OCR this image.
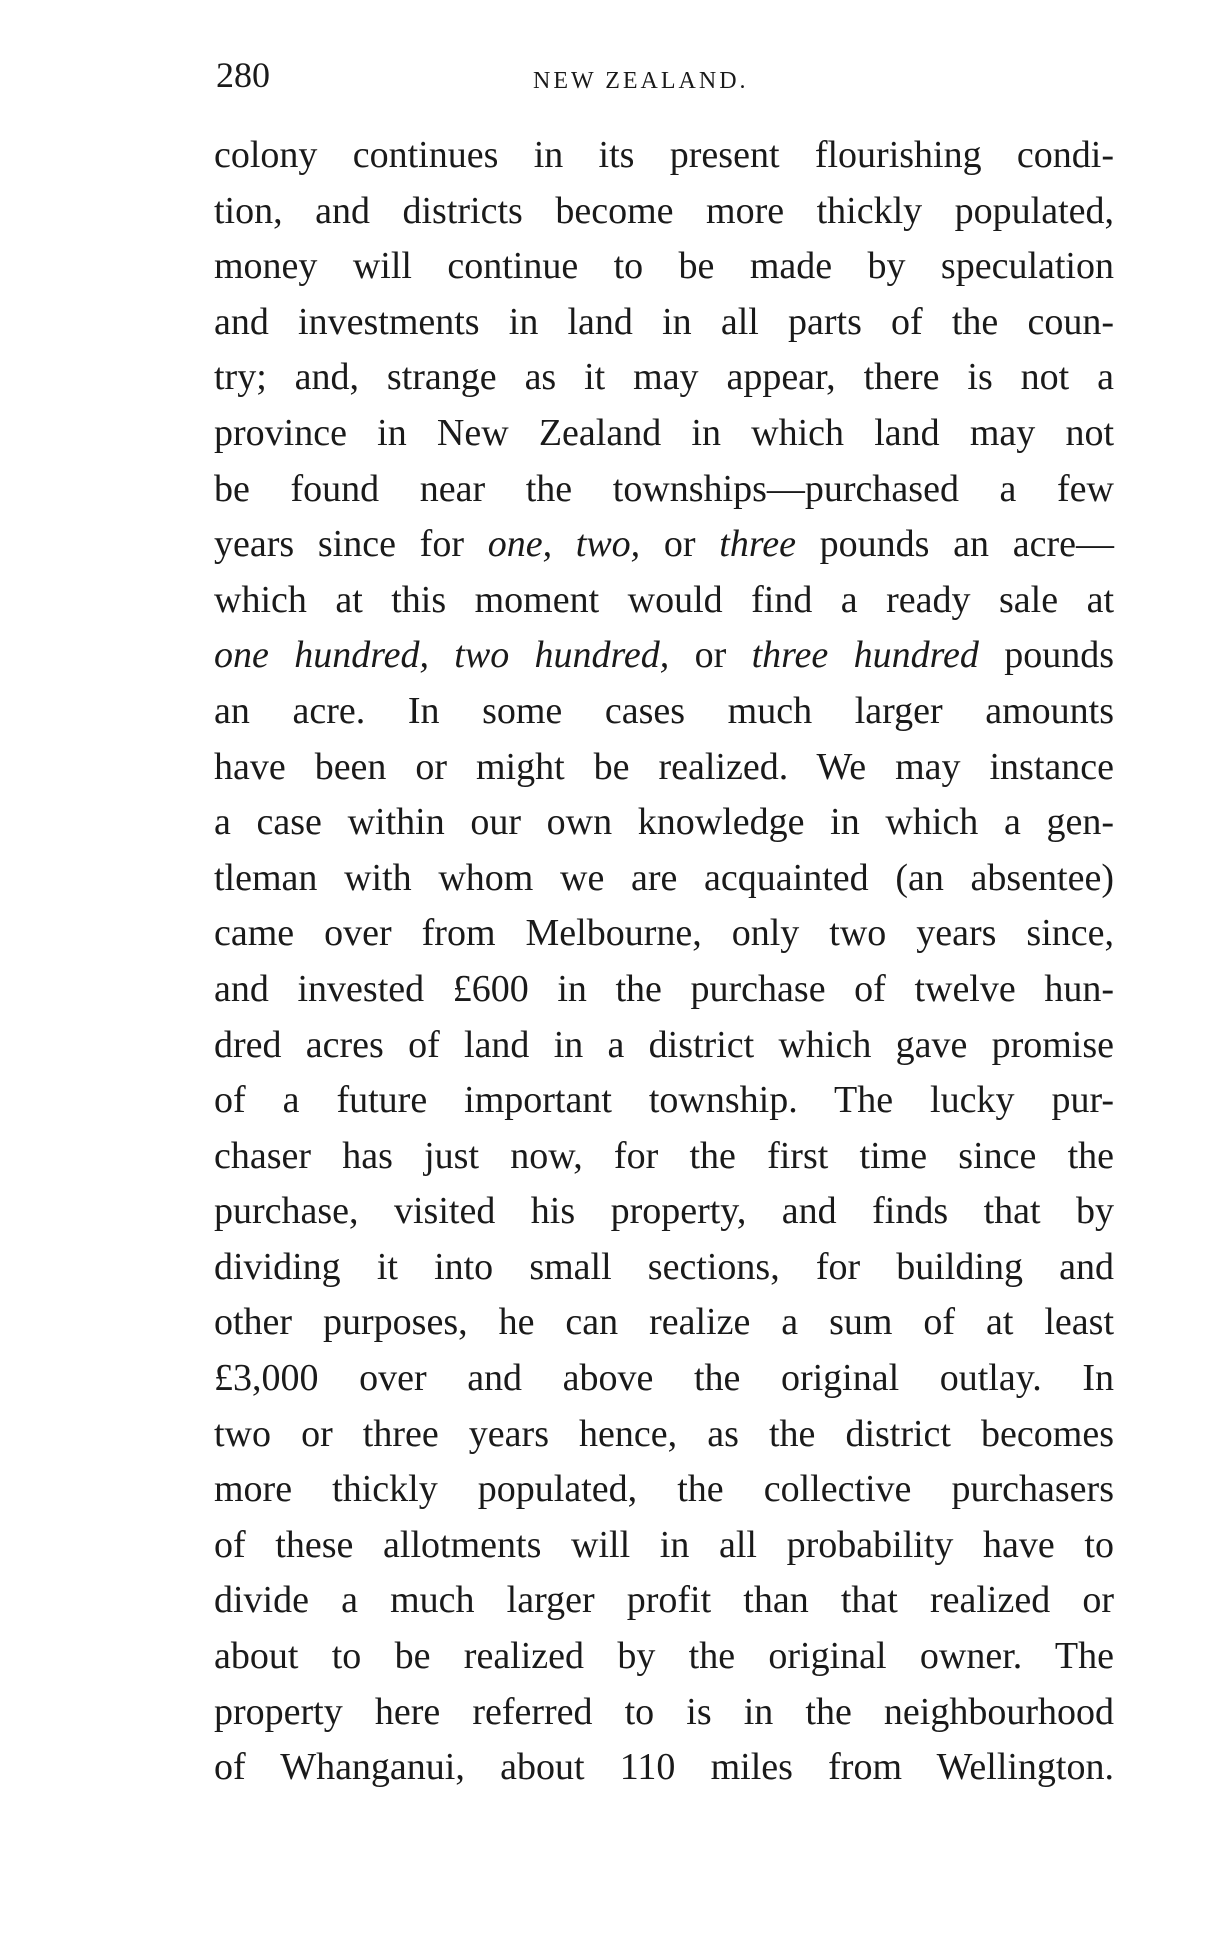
280	NEW ZEALAND.
colony continues in its present flourishing condi-
tion, and districts become more thickly populated,
money will continue to be made by speculation
and investments in land in all parts of the coun-
try; and, strange as it may appear, there is not a
province in New Zealand in which land may not
be found near the townships—purchased a few
years since for one, two, or three pounds an acre—
which at this moment would find a ready sale at
one hundred, two hundred, or three hundred pounds
an acre. In some cases much larger amounts
have been or might be realized. We may instance
a case within our own knowledge in which a gen-
tleman with whom we are acquainted (an absentee)
came over from Melbourne, only two years since,
and invested £600 in the purchase of twelve hun-
dred acres of land in a district which gave promise
of a future important township. The lucky pur-
chaser has just now, for the first time since the
purchase, visited his property, and finds that by
dividing it into small sections, for building and
other purposes, he can realize a sum of at least
£3,000 over and above the original outlay. In
two or three years hence, as the district becomes
more thickly populated, the collective purchasers
of these allotments will in all probability have to
divide a much larger profit than that realized or
about to be realized by the original owner. The
property here referred to is in the neighbourhood
of Whanganui, about 110 miles from Wellington.
